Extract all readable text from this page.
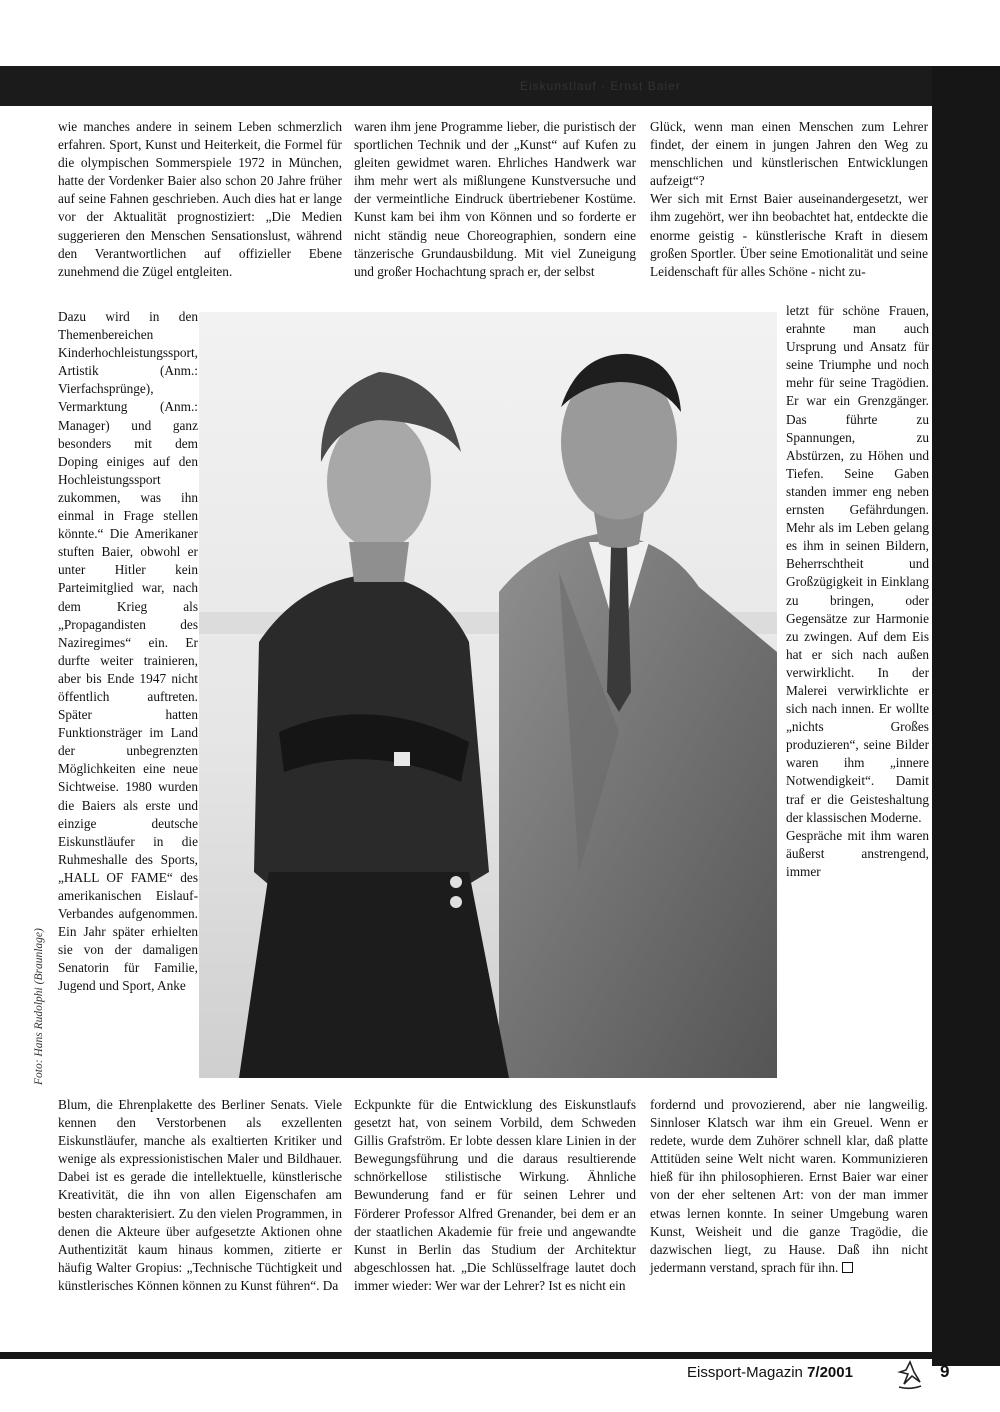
Eiskunstlauf · Ernst Baier

wie manches andere in seinem Leben schmerzlich erfahren. Sport, Kunst und Heiterkeit, die Formel für die olympischen Sommerspiele 1972 in München, hatte der Vordenker Baier also schon 20 Jahre früher auf seine Fahnen geschrieben. Auch dies hat er lange vor der Aktualität prognostiziert: „Die Medien suggerieren den Menschen Sensationslust, während den Verantwortlichen auf offizieller Ebene zunehmend die Zügel entgleiten.

waren ihm jene Programme lieber, die puristisch der sportlichen Technik und der „Kunst“ auf Kufen zu gleiten gewidmet waren. Ehrliches Handwerk war ihm mehr wert als mißlungene Kunstversuche und der vermeintliche Eindruck übertriebener Kostüme. Kunst kam bei ihm von Können und so forderte er nicht ständig neue Choreographien, sondern eine tänzerische Grundausbildung. Mit viel Zuneigung und großer Hochachtung sprach er, der selbst

Glück, wenn man einen Menschen zum Lehrer findet, der einem in jungen Jahren den Weg zu menschlichen und künstlerischen Entwicklungen aufzeigt“?

Wer sich mit Ernst Baier auseinandergesetzt, wer ihm zugehört, wer ihn beobachtet hat, entdeckte die enorme geistig - künstlerische Kraft in diesem großen Sportler. Über seine Emotionalität und seine Leidenschaft für alles Schöne - nicht zu-

Dazu wird in den Themenbereichen Kinderhochleistungssport, Artistik (Anm.: Vierfachsprünge), Vermarktung (Anm.: Manager) und ganz besonders mit dem Doping einiges auf den Hochleistungssport zukommen, was ihn einmal in Frage stellen könnte.“ Die Amerikaner stuften Baier, obwohl er unter Hitler kein Parteimitglied war, nach dem Krieg als „Propagandisten des Naziregimes“ ein. Er durfte weiter trainieren, aber bis Ende 1947 nicht öffentlich auftreten. Später hatten Funktionsträger im Land der unbegrenzten Möglichkeiten eine neue Sichtweise. 1980 wurden die Baiers als erste und einzige deutsche Eiskunstläufer in die Ruhmeshalle des Sports, „HALL OF FAME“ des amerikanischen Eislauf-Verbandes aufgenommen. Ein Jahr später erhielten sie von der damaligen Senatorin für Familie, Jugend und Sport, Anke

letzt für schöne Frauen, erahnte man auch Ursprung und Ansatz für seine Triumphe und noch mehr für seine Tragödien. Er war ein Grenzgänger. Das führte zu Spannungen, zu Abstürzen, zu Höhen und Tiefen. Seine Gaben standen immer eng neben ernsten Gefährdungen. Mehr als im Leben gelang es ihm in seinen Bildern, Beherrschtheit und Großzügigkeit in Einklang zu bringen, oder Gegensätze zur Harmonie zu zwingen. Auf dem Eis hat er sich nach außen verwirklicht. In der Malerei verwirklichte er sich nach innen. Er wollte „nichts Großes produzieren“, seine Bilder waren ihm „innere Notwendigkeit“. Damit traf er die Geisteshaltung der klassischen Moderne.

Gespräche mit ihm waren äußerst anstrengend, immer

Blum, die Ehrenplakette des Berliner Senats. Viele kennen den Verstorbenen als exzellenten Eiskunstläufer, manche als exaltierten Kritiker und wenige als expressionistischen Maler und Bildhauer. Dabei ist es gerade die intellektuelle, künstlerische Kreativität, die ihn von allen Eigenschafen am besten charakterisiert. Zu den vielen Programmen, in denen die Akteure über aufgesetzte Aktionen ohne Authentizität kaum hinaus kommen, zitierte er häufig Walter Gropius: „Technische Tüchtigkeit und künstlerisches Können können zu Kunst führen“. Da

Eckpunkte für die Entwicklung des Eiskunstlaufs gesetzt hat, von seinem Vorbild, dem Schweden Gillis Grafström. Er lobte dessen klare Linien in der Bewegungsführung und die daraus resultierende schnörkellose stilistische Wirkung. Ähnliche Bewunderung fand er für seinen Lehrer und Förderer Professor Alfred Grenander, bei dem er an der staatlichen Akademie für freie und angewandte Kunst in Berlin das Studium der Architektur abgeschlossen hat. „Die Schlüsselfrage lautet doch immer wieder: Wer war der Lehrer? Ist es nicht ein

fordernd und provozierend, aber nie langweilig. Sinnloser Klatsch war ihm ein Greuel. Wenn er redete, wurde dem Zuhörer schnell klar, daß platte Attitüden seine Welt nicht waren. Kommunizieren hieß für ihn philosophieren. Ernst Baier war einer von der eher seltenen Art: von der man immer etwas lernen konnte. In seiner Umgebung waren Kunst, Weisheit und die ganze Tragödie, die dazwischen liegt, zu Hause. Daß ihn nicht jedermann verstand, sprach für ihn.

Foto: Hans Rudolphi (Braunlage)
Eissport-Magazin 7/2001	9
